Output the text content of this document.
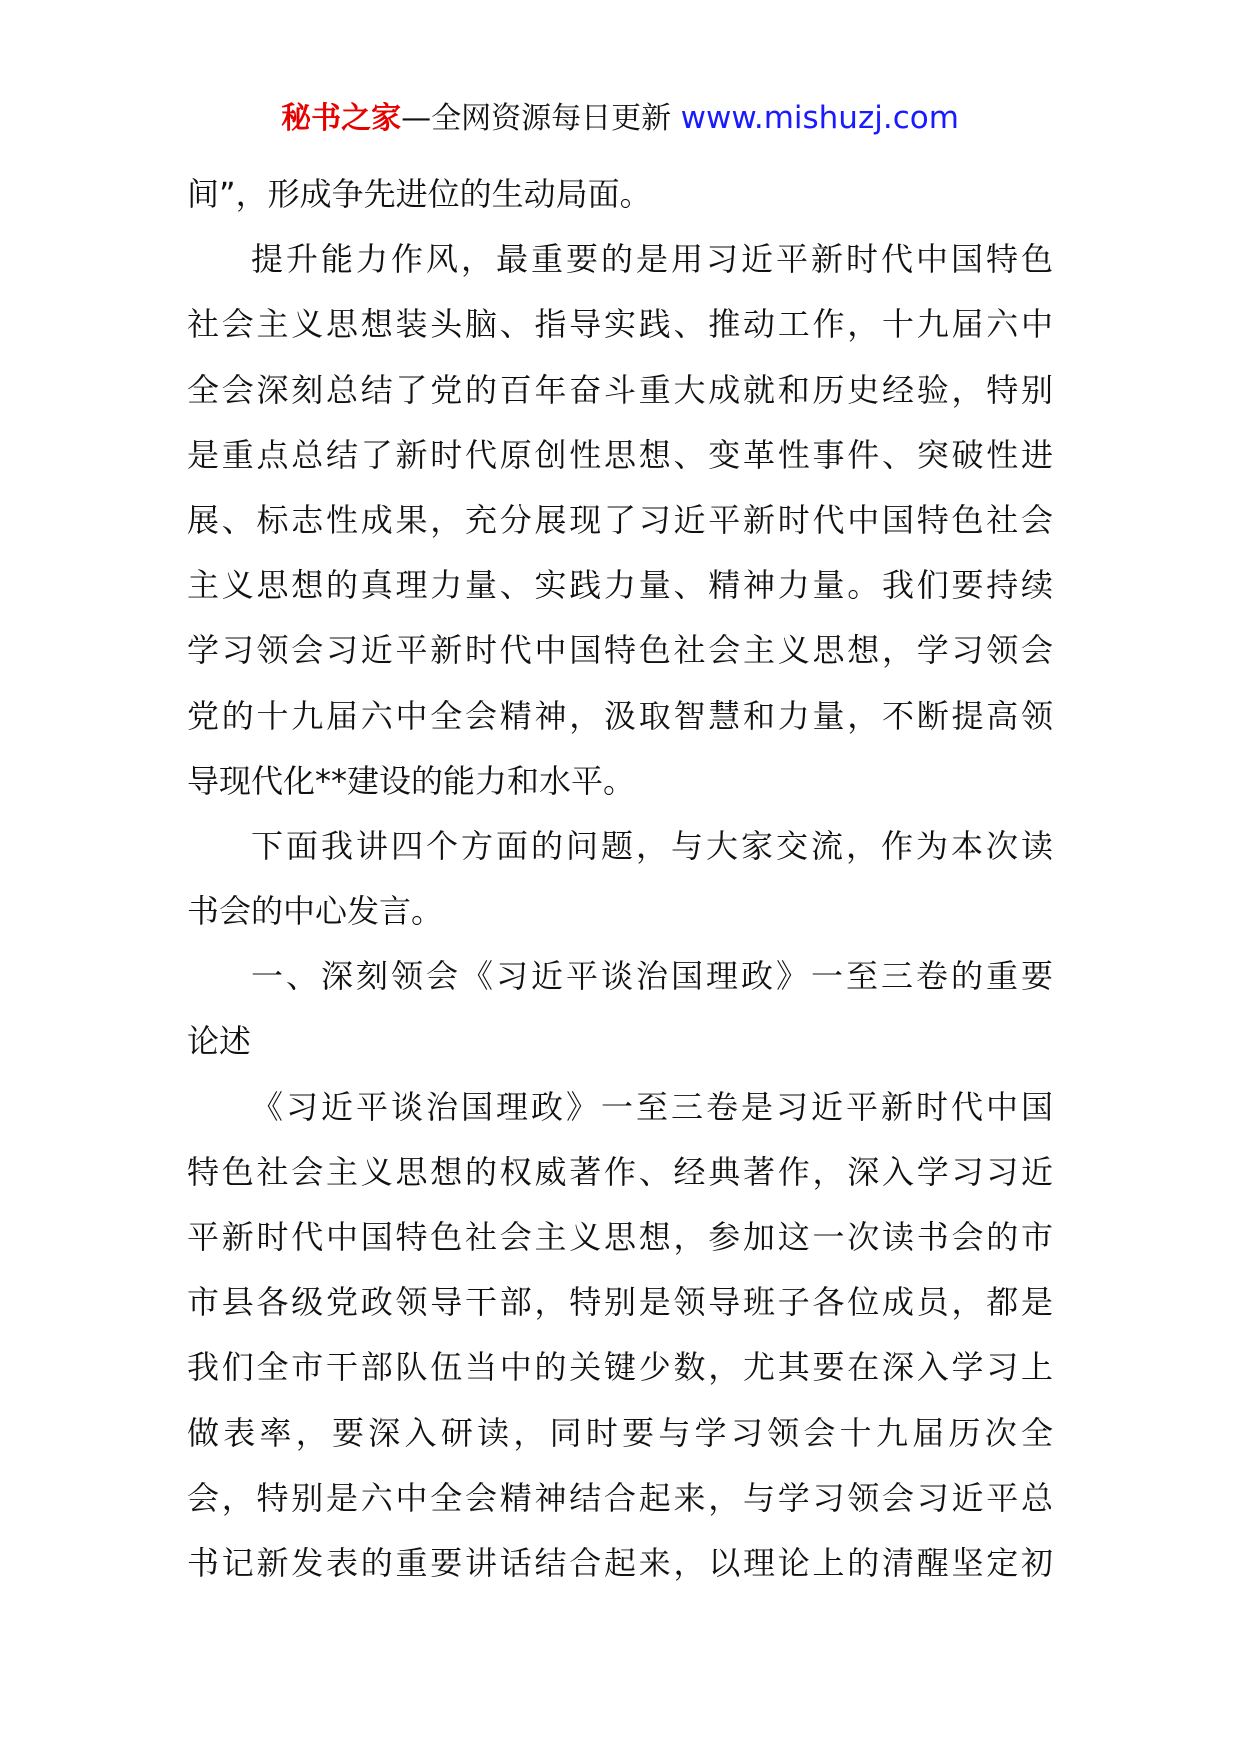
秘书之家—全网资源每日更新 www.mishuzj.com
间”，形成争先进位的生动局面。
提升能力作风，最重要的是用习近平新时代中国特色
社会主义思想装头脑、指导实践、推动工作，十九届六中
全会深刻总结了党的百年奋斗重大成就和历史经验，特别
是重点总结了新时代原创性思想、变革性事件、突破性进
展、标志性成果，充分展现了习近平新时代中国特色社会
主义思想的真理力量、实践力量、精神力量。我们要持续
学习领会习近平新时代中国特色社会主义思想，学习领会
党的十九届六中全会精神，汲取智慧和力量，不断提高领
导现代化**建设的能力和水平。
下面我讲四个方面的问题，与大家交流，作为本次读
书会的中心发言。
一、深刻领会《习近平谈治国理政》一至三卷的重要
论述
《习近平谈治国理政》一至三卷是习近平新时代中国
特色社会主义思想的权威著作、经典著作，深入学习习近
平新时代中国特色社会主义思想，参加这一次读书会的市
市县各级党政领导干部，特别是领导班子各位成员，都是
我们全市干部队伍当中的关键少数，尤其要在深入学习上
做表率，要深入研读，同时要与学习领会十九届历次全
会，特别是六中全会精神结合起来，与学习领会习近平总
书记新发表的重要讲话结合起来，以理论上的清醒坚定初
